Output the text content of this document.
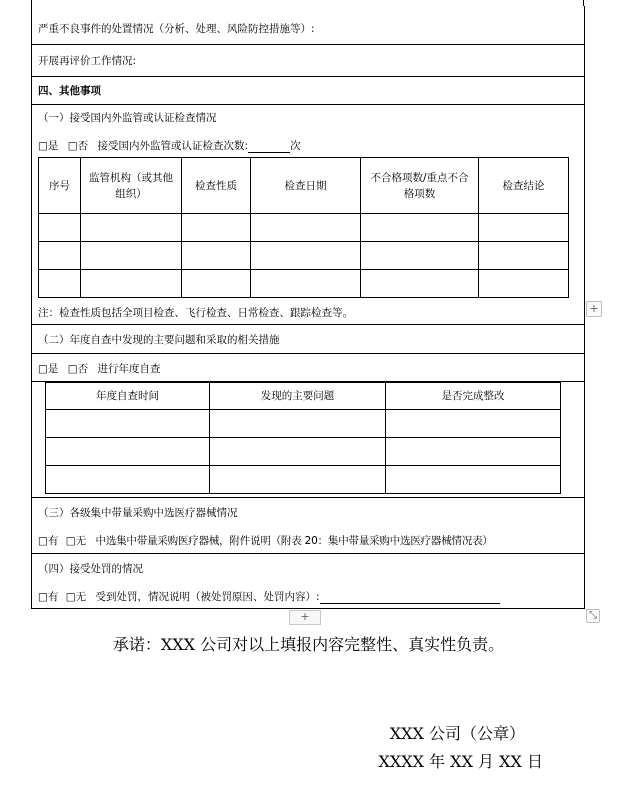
严重不良事件的处置情况（分析、处理、风险防控措施等）:
开展再评价工作情况:
四、其他事项
（一）接受国内外监管或认证检查情况
□是 □否 接受国内外监管或认证检查次数:	次
序号	监管机构（或其他组织）	检查性质	检查日期	不合格项数/重点不合格项数	检查结论

注：检查性质包括全项目检查、飞行检查、日常检查、跟踪检查等。
（二）年度自查中发现的主要问题和采取的相关措施
□是 □否 进行年度自查
年度自查时间	发现的主要问题	是否完成整改

（三）各级集中带量采购中选医疗器械情况
□有 □无 中选集中带量采购医疗器械，附件说明（附表 20：集中带量采购中选医疗器械情况表）
（四）接受处罚的情况
□有 □无 受到处罚，情况说明（被处罚原因、处罚内容）:
+
+	⤡
承诺：XXX 公司对以上填报内容完整性、真实性负责。
XXX 公司（公章）
XXXX 年 XX 月 XX 日
